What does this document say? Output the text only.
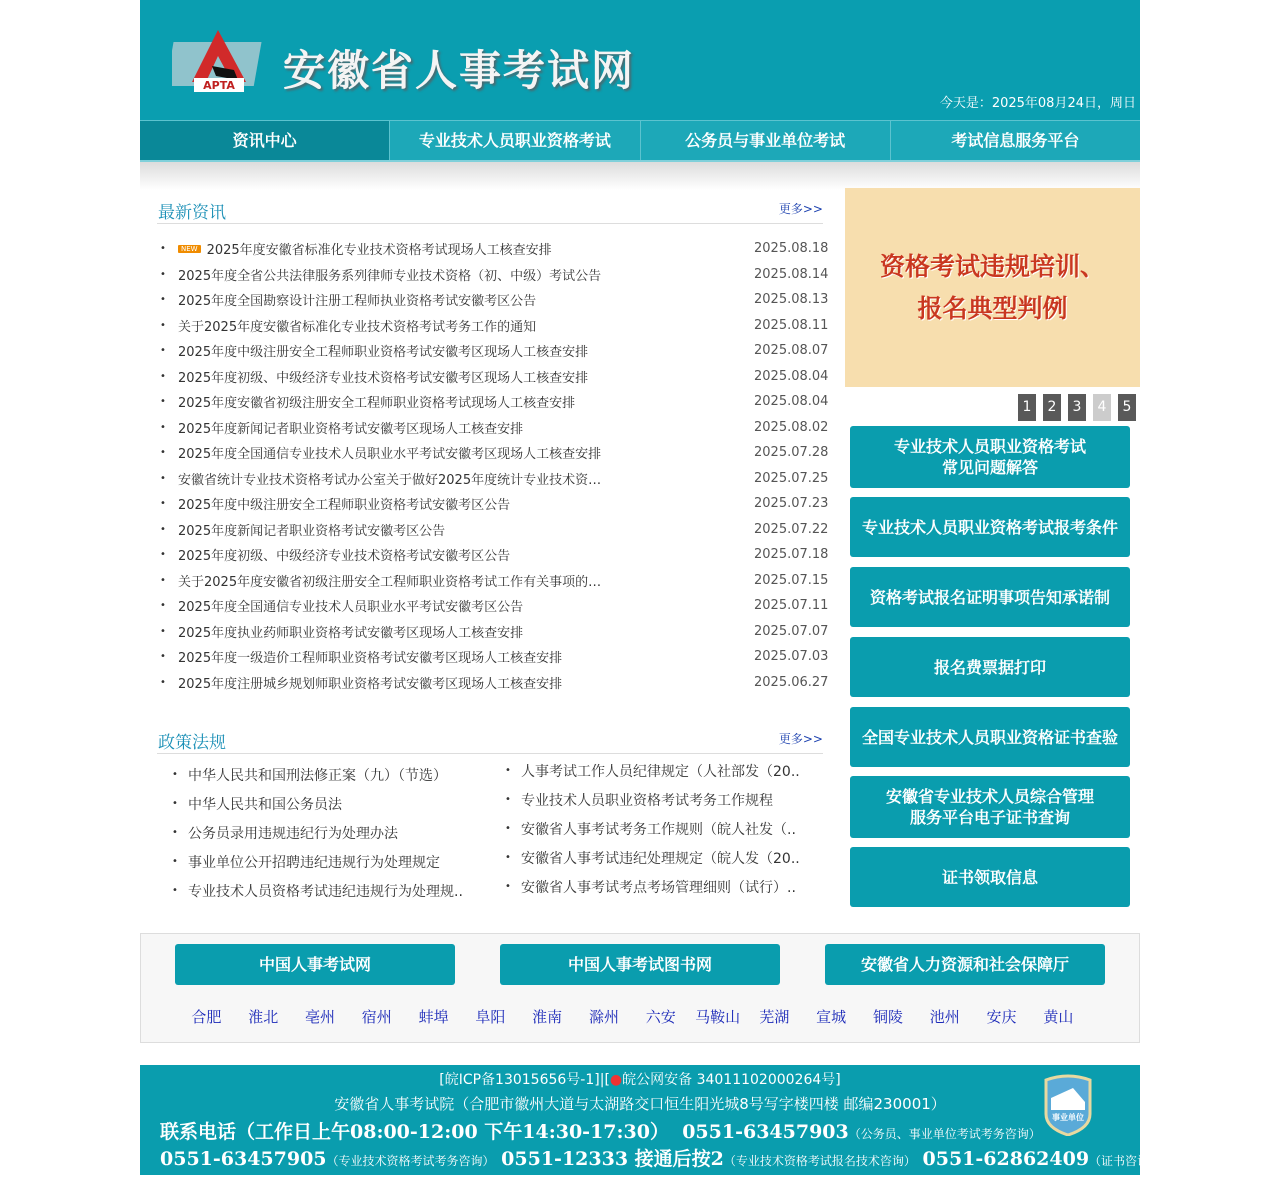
APTA 安徽省人事考试网
今天是：2025年08月24日，周日
资讯中心	专业技术人员职业资格考试	公务员与事业单位考试	考试信息服务平台
最新资讯	更多>>
•	NEW 2025年度安徽省标准化专业技术资格考试现场人工核查安排	2025.08.18
• 2025年度全省公共法律服务系列律师专业技术资格（初、中级）考试公告	2025.08.14
• 2025年度全国勘察设计注册工程师执业资格考试安徽考区公告	2025.08.13
• 关于2025年度安徽省标准化专业技术资格考试考务工作的通知	2025.08.11
• 2025年度中级注册安全工程师职业资格考试安徽考区现场人工核查安排	2025.08.07
• 2025年度初级、中级经济专业技术资格考试安徽考区现场人工核查安排	2025.08.04
• 2025年度安徽省初级注册安全工程师职业资格考试现场人工核查安排	2025.08.04
• 2025年度新闻记者职业资格考试安徽考区现场人工核查安排	2025.08.02
• 2025年度全国通信专业技术人员职业水平考试安徽考区现场人工核查安排	2025.07.28
• 安徽省统计专业技术资格考试办公室关于做好2025年度统计专业技术资…	2025.07.25
• 2025年度中级注册安全工程师职业资格考试安徽考区公告	2025.07.23
• 2025年度新闻记者职业资格考试安徽考区公告	2025.07.22
• 2025年度初级、中级经济专业技术资格考试安徽考区公告	2025.07.18
• 关于2025年度安徽省初级注册安全工程师职业资格考试工作有关事项的…	2025.07.15
• 2025年度全国通信专业技术人员职业水平考试安徽考区公告	2025.07.11
• 2025年度执业药师职业资格考试安徽考区现场人工核查安排	2025.07.07
• 2025年度一级造价工程师职业资格考试安徽考区现场人工核查安排	2025.07.03
• 2025年度注册城乡规划师职业资格考试安徽考区现场人工核查安排	2025.06.27
政策法规	更多>>
• 中华人民共和国刑法修正案（九）（节选）
• 中华人民共和国公务员法
• 公务员录用违规违纪行为处理办法
• 事业单位公开招聘违纪违规行为处理规定
• 专业技术人员资格考试违纪违规行为处理规..
• 人事考试工作人员纪律规定（人社部发（20..
• 专业技术人员职业资格考试考务工作规程
• 安徽省人事考试考务工作规则（皖人社发（..
• 安徽省人事考试违纪处理规定（皖人发（20..
• 安徽省人事考试考点考场管理细则（试行）..
资格考试违规培训、
报名典型判例
1	2	3	4	5
专业技术人员职业资格考试
常见问题解答
专业技术人员职业资格考试报考条件
资格考试报名证明事项告知承诺制
报名费票据打印
全国专业技术人员职业资格证书查验
安徽省专业技术人员综合管理
服务平台电子证书查询
证书领取信息
中国人事考试网	中国人事考试图书网	安徽省人力资源和社会保障厅
合肥	淮北	亳州	宿州	蚌埠	阜阳	淮南	滁州	六安	马鞍山	芜湖	宣城	铜陵	池州	安庆	黄山
[皖ICP备13015656号-1]|[●皖公网安备 34011102000264号]
安徽省人事考试院（合肥市徽州大道与太湖路交口恒生阳光城8号写字楼四楼 邮编230001）
联系电话（工作日上午08:00-12:00 下午14:30-17:30） 0551-63457903（公务员、事业单位考试考务咨询）
0551-63457905（专业技术资格考试考务咨询） 0551-12333 接通后按2（专业技术资格考试报名技术咨询） 0551-62862409（证书咨询）
事业单位
